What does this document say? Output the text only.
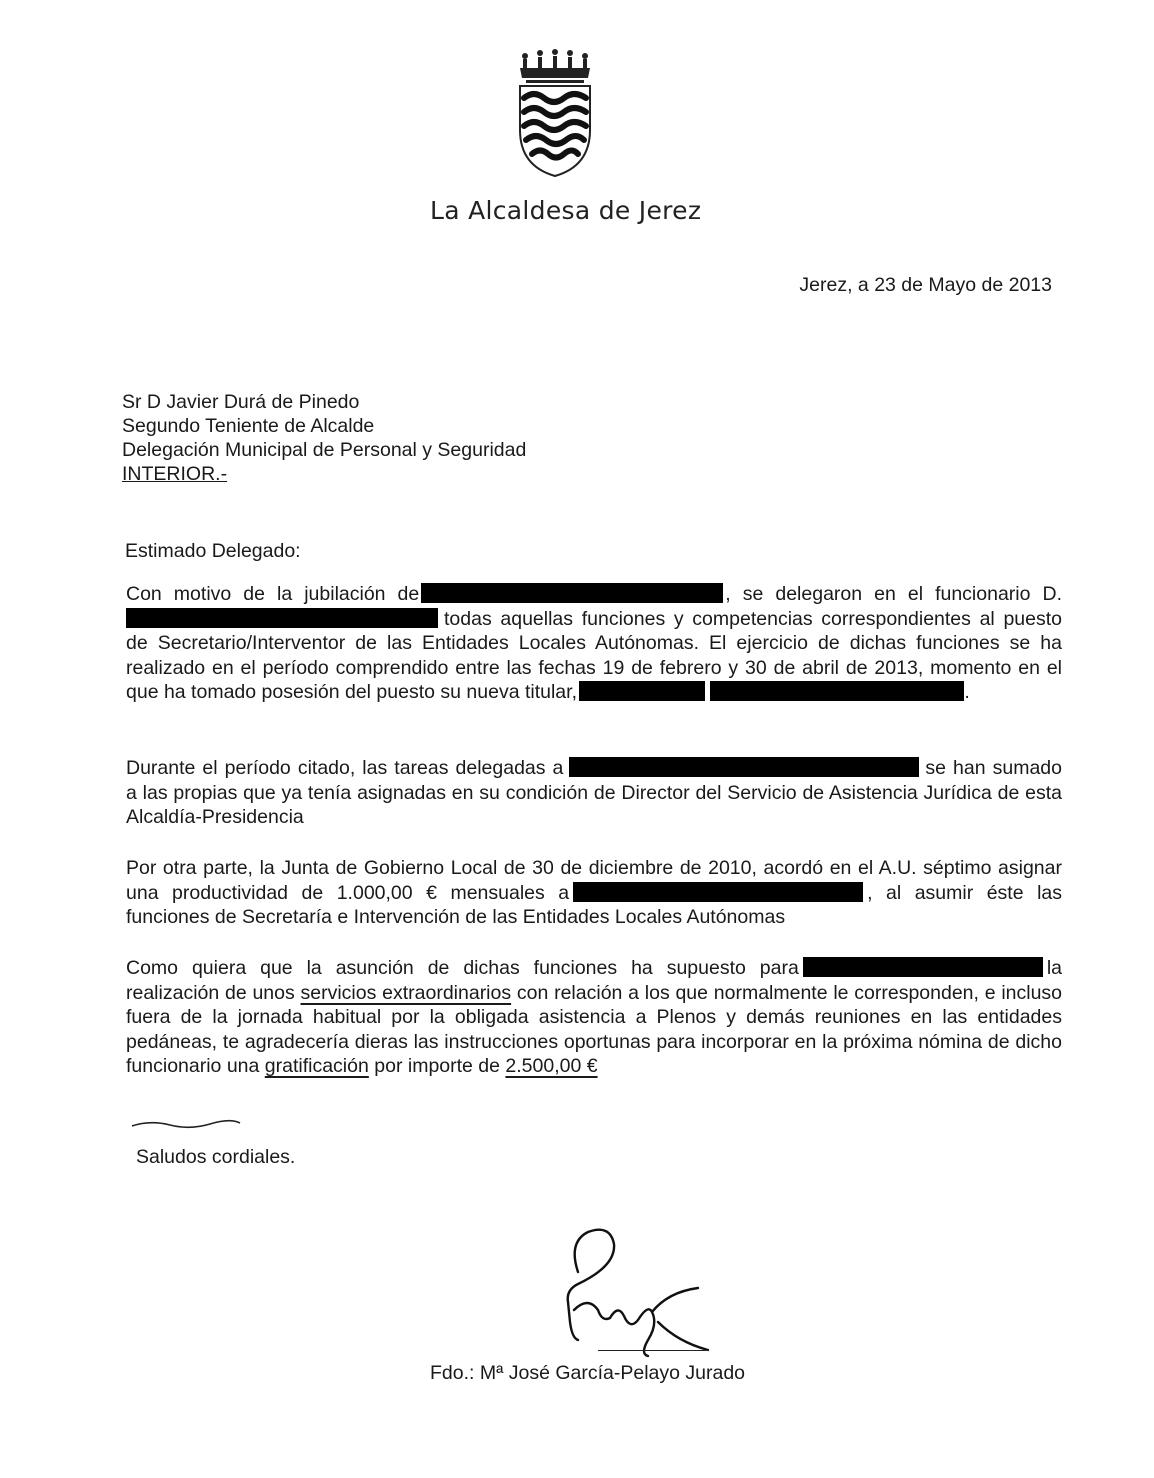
La Alcaldesa de Jerez
Jerez, a 23 de Mayo de 2013
Sr D Javier Durá de Pinedo
Segundo Teniente de Alcalde
Delegación Municipal de Personal y Seguridad
INTERIOR.-
Estimado Delegado:
Con motivo de la jubilación de	, se delegaron en el funcionario D. todas aquellas funciones y competencias correspondientes al puesto de Secretario/Interventor de las Entidades Locales Autónomas. El ejercicio de dichas funciones se ha realizado en el período comprendido entre las fechas 19 de febrero y 30 de abril de 2013, momento en el que ha tomado posesión del puesto su nueva titular,	.
Durante el período citado, las tareas delegadas a	se han sumado a las propias que ya tenía asignadas en su condición de Director del Servicio de Asistencia Jurídica de esta Alcaldía-Presidencia
Por otra parte, la Junta de Gobierno Local de 30 de diciembre de 2010, acordó en el A.U. séptimo asignar una productividad de 1.000,00 € mensuales a	, al asumir éste las funciones de Secretaría e Intervención de las Entidades Locales Autónomas
Como quiera que la asunción de dichas funciones ha supuesto para	la realización de unos servicios extraordinarios con relación a los que normalmente le corresponden, e incluso fuera de la jornada habitual por la obligada asistencia a Plenos y demás reuniones en las entidades pedáneas, te agradecería dieras las instrucciones oportunas para incorporar en la próxima nómina de dicho funcionario una gratificación por importe de 2.500,00 €
Saludos cordiales.
Fdo.: Mª José García-Pelayo Jurado
